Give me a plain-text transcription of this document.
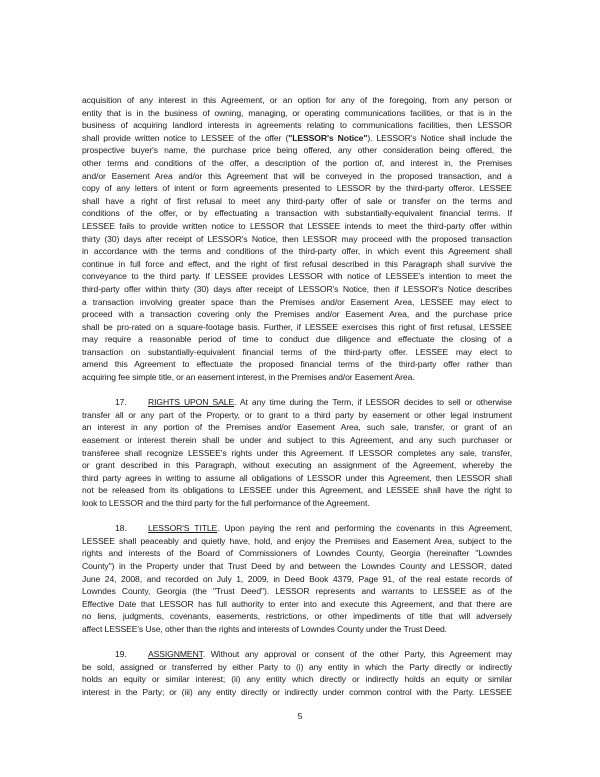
acquisition of any interest in this Agreement, or an option for any of the foregoing, from any person or
entity that is in the business of owning, managing, or operating communications facilities, or that is in the
business of acquiring landlord interests in agreements relating to communications facilities, then LESSOR
shall provide written notice to LESSEE of the offer ("LESSOR's Notice"). LESSOR's Notice shall include the
prospective buyer's name, the purchase price being offered, any other consideration being offered, the
other terms and conditions of the offer, a description of the portion of, and interest in, the Premises
and/or Easement Area and/or this Agreement that will be conveyed in the proposed transaction, and a
copy of any letters of intent or form agreements presented to LESSOR by the third-party offeror. LESSEE
shall have a right of first refusal to meet any third-party offer of sale or transfer on the terms and
conditions of the offer, or by effectuating a transaction with substantially-equivalent financial terms. If
LESSEE fails to provide written notice to LESSOR that LESSEE intends to meet the third-party offer within
thirty (30) days after receipt of LESSOR's Notice, then LESSOR may proceed with the proposed transaction
in accordance with the terms and conditions of the third-party offer, in which event this Agreement shall
continue in full force and effect, and the right of first refusal described in this Paragraph shall survive the
conveyance to the third party. If LESSEE provides LESSOR with notice of LESSEE's intention to meet the
third-party offer within thirty (30) days after receipt of LESSOR's Notice, then if LESSOR's Notice describes
a transaction involving greater space than the Premises and/or Easement Area, LESSEE may elect to
proceed with a transaction covering only the Premises and/or Easement Area, and the purchase price
shall be pro-rated on a square-footage basis. Further, if LESSEE exercises this right of first refusal, LESSEE
may require a reasonable period of time to conduct due diligence and effectuate the closing of a
transaction on substantially-equivalent financial terms of the third-party offer. LESSEE may elect to
amend this Agreement to effectuate the proposed financial terms of the third-party offer rather than
acquiring fee simple title, or an easement interest, in the Premises and/or Easement Area.
17. RIGHTS UPON SALE. At any time during the Term, if LESSOR decides to sell or otherwise
transfer all or any part of the Property, or to grant to a third party by easement or other legal instrument
an interest in any portion of the Premises and/or Easement Area, such sale, transfer, or grant of an
easement or interest therein shall be under and subject to this Agreement, and any such purchaser or
transferee shall recognize LESSEE's rights under this Agreement. If LESSOR completes any sale, transfer,
or grant described in this Paragraph, without executing an assignment of the Agreement, whereby the
third party agrees in writing to assume all obligations of LESSOR under this Agreement, then LESSOR shall
not be released from its obligations to LESSEE under this Agreement, and LESSEE shall have the right to
look to LESSOR and the third party for the full performance of the Agreement.
18. LESSOR'S TITLE. Upon paying the rent and performing the covenants in this Agreement,
LESSEE shall peaceably and quietly have, hold, and enjoy the Premises and Easement Area, subject to the
rights and interests of the Board of Commissioners of Lowndes County, Georgia (hereinafter "Lowndes
County") in the Property under that Trust Deed by and between the Lowndes County and LESSOR, dated
June 24, 2008, and recorded on July 1, 2009, in Deed Book 4379, Page 91, of the real estate records of
Lowndes County, Georgia (the "Trust Deed"). LESSOR represents and warrants to LESSEE as of the
Effective Date that LESSOR has full authority to enter into and execute this Agreement, and that there are
no liens, judgments, covenants, easements, restrictions, or other impediments of title that will adversely
affect LESSEE's Use, other than the rights and interests of Lowndes County under the Trust Deed.
19. ASSIGNMENT. Without any approval or consent of the other Party, this Agreement may
be sold, assigned or transferred by either Party to (i) any entity in which the Party directly or indirectly
holds an equity or similar interest; (ii) any entity which directly or indirectly holds an equity or similar
interest in the Party; or (iii) any entity directly or indirectly under common control with the Party. LESSEE
5
